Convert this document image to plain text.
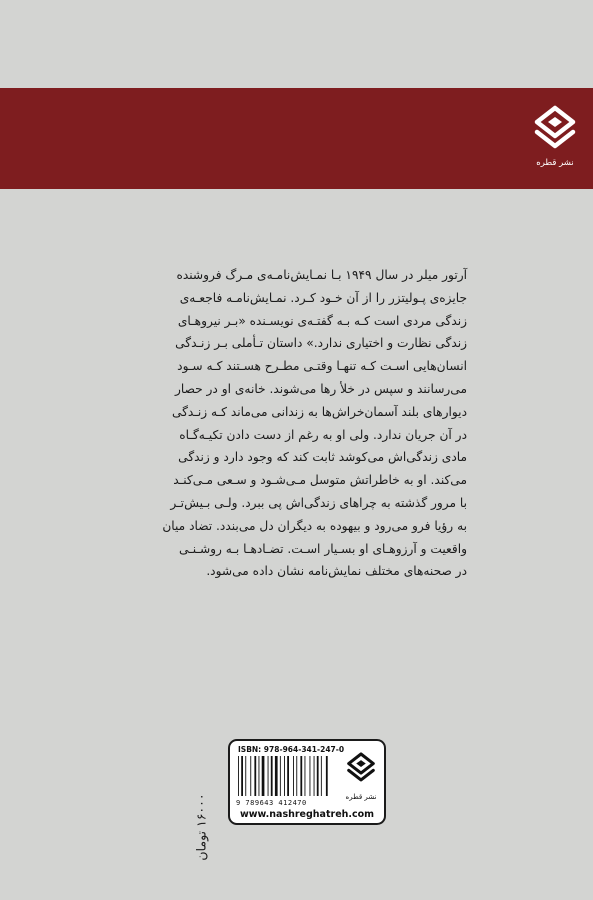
نشر قطره
آرتور میلر در سال ۱۹۴۹ بـا نمـایش‌نامـه‌ی مـرگ فروشنده
جایزه‌ی پـولیتزر را از آن خـود کـرد. نمـایش‌نامـه فاجعـه‌ی
زندگی مردی است کـه بـه گفتـه‌ی نویسـنده «بـر نیروهـای
زندگی نظارت و اختیاری ندارد.» داستان تـأملی بـر زنـدگی
انسان‌هایی اسـت کـه تنهـا وقتـی مطـرح هسـتند کـه سـود
می‌رسانند و سپس در خلأ رها می‌شوند. خانه‌ی او در حصار
دیوارهای بلند آسمان‌خراش‌ها به زندانی می‌ماند کـه زنـدگی
در آن جریان ندارد. ولی او به رغم از دست دادن تکیـه‌گـاه
مادی زندگی‌اش می‌کوشد ثابت کند که وجود دارد و زندگی
می‌کند. او به خاطراتش متوسل مـی‌شـود و سـعی مـی‌کنـد
با مرور گذشته به چراهای زندگی‌اش پی ببرد. ولـی بـیش‌تـر
به رؤیا فرو می‌رود و بیهوده به دیگران دل می‌بندد. تضاد میان
واقعیت و آرزوهـای او بسـیار اسـت. تضـادهـا بـه روشـنـی
در صحنه‌های مختلف نمایش‌نامه نشان داده می‌شود.
ISBN: 978-964-341-247-0
9 789643 412470
نشر قطره
www.nashreghatreh.com
۱۶۰۰۰ تومان
